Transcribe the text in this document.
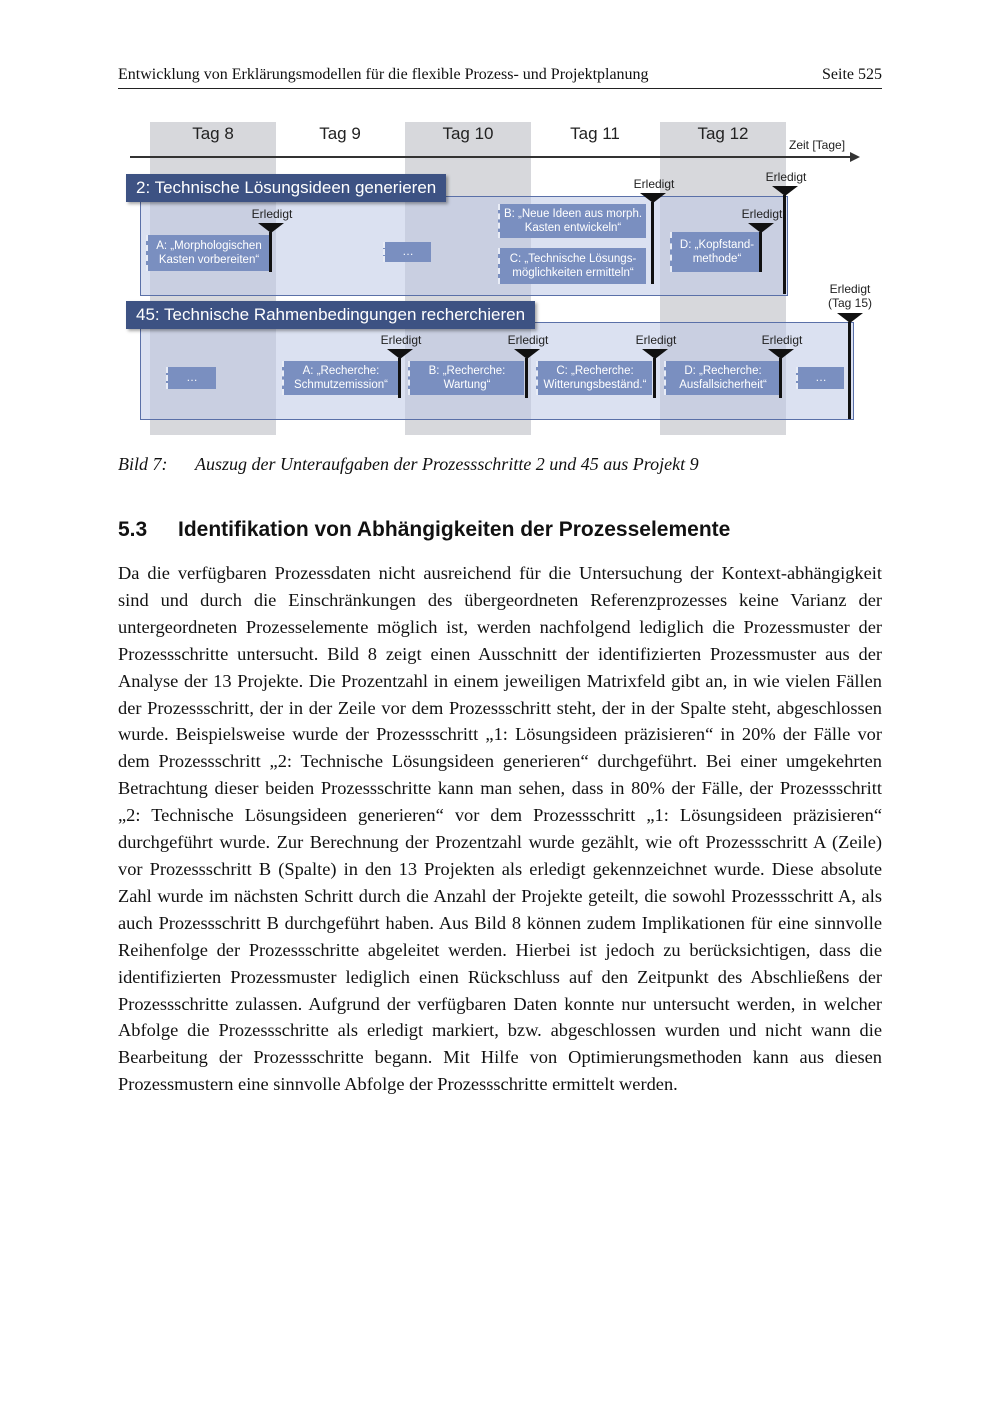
Entwicklung von Erklärungsmodellen für die flexible Prozess- und Projektplanung	Seite 525
Tag 8	Tag 9	Tag 10	Tag 11	Tag 12
Zeit [Tage]
2: Technische Lösungsideen generieren
A: „Morphologischen Kasten vorbereiten“
…
B: „Neue Ideen aus morph. Kasten entwickeln“
C: „Technische Lösungs-möglichkeiten ermitteln“
D: „Kopfstand-methode“
Erledigt
Erledigt
Erledigt
Erledigt
45: Technische Rahmenbedingungen recherchieren
…
A: „Recherche: Schmutzemission“
B: „Recherche: Wartung“
C: „Recherche: Witterungsbeständ.“
D: „Recherche: Ausfallsicherheit“
…
Erledigt	Erledigt	Erledigt	Erledigt
Erledigt
(Tag 15)
Bild 7: Auszug der Unteraufgaben der Prozessschritte 2 und 45 aus Projekt 9
5.3 Identifikation von Abhängigkeiten der Prozesselemente
Da die verfügbaren Prozessdaten nicht ausreichend für die Untersuchung der Kontext-abhängigkeit sind und durch die Einschränkungen des übergeordneten Referenzprozesses keine Varianz der untergeordneten Prozesselemente möglich ist, werden nachfolgend lediglich die Prozessmuster der Prozessschritte untersucht. Bild 8 zeigt einen Ausschnitt der identifizierten Prozessmuster aus der Analyse der 13 Projekte. Die Prozentzahl in einem jeweiligen Matrixfeld gibt an, in wie vielen Fällen der Prozessschritt, der in der Zeile vor dem Prozessschritt steht, der in der Spalte steht, abgeschlossen wurde. Beispielsweise wurde der Prozessschritt „1: Lösungsideen präzisieren“ in 20% der Fälle vor dem Prozessschritt „2: Technische Lösungsideen generieren“ durchgeführt. Bei einer umgekehrten Betrachtung dieser beiden Prozessschritte kann man sehen, dass in 80% der Fälle, der Prozessschritt „2: Technische Lösungsideen generieren“ vor dem Prozessschritt „1: Lösungsideen präzisieren“ durchgeführt wurde. Zur Berechnung der Prozentzahl wurde gezählt, wie oft Prozessschritt A (Zeile) vor Prozessschritt B (Spalte) in den 13 Projekten als erledigt gekennzeichnet wurde. Diese absolute Zahl wurde im nächsten Schritt durch die Anzahl der Projekte geteilt, die sowohl Prozessschritt A, als auch Prozessschritt B durchgeführt haben. Aus Bild 8 können zudem Implikationen für eine sinnvolle Reihenfolge der Prozessschritte abgeleitet werden. Hierbei ist jedoch zu berücksichtigen, dass die identifizierten Prozessmuster lediglich einen Rückschluss auf den Zeitpunkt des Abschließens der Prozessschritte zulassen. Aufgrund der verfügbaren Daten konnte nur untersucht werden, in welcher Abfolge die Prozessschritte als erledigt markiert, bzw. abgeschlossen wurden und nicht wann die Bearbeitung der Prozessschritte begann. Mit Hilfe von Optimierungsmethoden kann aus diesen Prozessmustern eine sinnvolle Abfolge der Prozessschritte ermittelt werden.
